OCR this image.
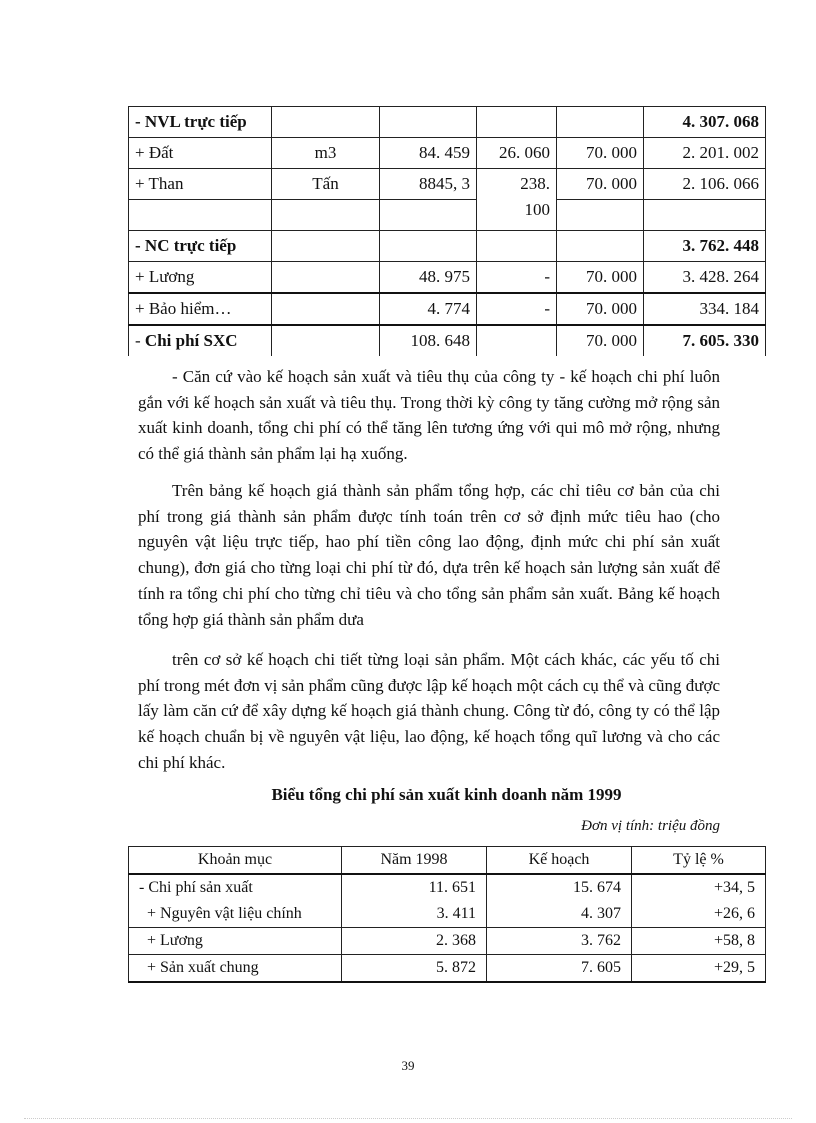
- NVL trực tiếp					4. 307. 068
+ Đất	m3	84. 459	26. 060	70. 000	2. 201. 002
+ Than	Tấn	8845, 3	238.	70. 000	2. 106. 066
			100		
- NC trực tiếp					3. 762. 448
+ Lương		48. 975	-	70. 000	3. 428. 264
+ Bảo hiểm…		4. 774	-	70. 000	334. 184
- Chi phí SXC		108. 648		70. 000	7. 605. 330

- Căn cứ vào kế hoạch sản xuất và tiêu thụ của công ty - kế hoạch chi phí luôn gắn với kế hoạch sản xuất và tiêu thụ. Trong thời kỳ công ty tăng cường mở rộng sản xuất kinh doanh, tổng chi phí có thể tăng lên tương ứng với qui mô mở rộng, nhưng có thể giá thành sản phẩm lại hạ xuống.

Trên bảng kế hoạch giá thành sản phẩm tổng hợp, các chỉ tiêu cơ bản của chi phí trong giá thành sản phẩm được tính toán trên cơ sở định mức tiêu hao (cho nguyên vật liệu trực tiếp, hao phí tiền công lao động, định mức chi phí sản xuất chung), đơn giá cho từng loại chi phí từ đó, dựa trên kế hoạch sản lượng sản xuất để tính ra tổng chi phí cho từng chỉ tiêu và cho tổng sản phẩm sản xuất. Bảng kế hoạch tổng hợp giá thành sản phẩm dưa

trên cơ sở kế hoạch chi tiết từng loại sản phẩm. Một cách khác, các yếu tố chi phí trong mét đơn vị sản phẩm cũng được lập kế hoạch một cách cụ thể và cũng được lấy làm căn cứ để xây dựng kế hoạch giá thành chung. Công từ đó, công ty có thể lập kế hoạch chuẩn bị về nguyên vật liệu, lao động, kế hoạch tổng quĩ lương và cho các chi phí khác.

Biểu tổng chi phí sản xuất kinh doanh năm 1999
Đơn vị tính: triệu đồng
Khoản mục	Năm 1998	Kế hoạch	Tỷ lệ %
- Chi phí sản xuất	11. 651	15. 674	+34, 5
+ Nguyên vật liệu chính	3. 411	4. 307	+26, 6
+ Lương	2. 368	3. 762	+58, 8
+ Sản xuất chung	5. 872	7. 605	+29, 5
39
